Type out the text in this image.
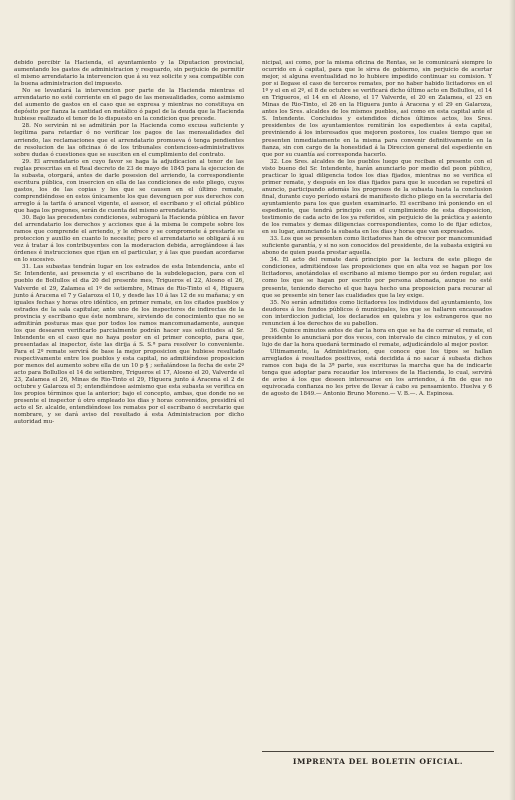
debido percibir la Hacienda, el ayuntamiento y la Diputacion provincial, aumentando los gastos de administracion y resguardo, sin perjuicio de permitir el mismo arrendatario la intervencion que á su vez solicite y sea compatible con la buena administracion del impuesto.

No se levantará la intervencion por parte de la Hacienda mientras el arrendatario no esté corriente en el pago de las mensualidades, como asimismo del aumento de gastos en el caso que se expresa y mientras no constituya en depósito por fianza la cantidad en metálico ó papel de la deuda que la Hacienda hubiese realizado el tenor de lo dispuesto en la condicion que precede.

28. No servirán ni se admitirán por la Hacienda como excusa suficiente y legítima para retardar ó no verificar los pagos de las mensualidades del arriendo, las reclamaciones que el arrendatario promueva ó tenga pendientes de resolucion de las oficinas ó de los tribunales contencioso-administrativos sobre dudas ó cuestiones que se susciten en el cumplimiento del contrato.

29. El arrendatario en cuyo favor se haga la adjudicacion al tenor de las reglas prescritas en el Real decreto de 23 de mayo de 1845 para la ejecucion de la subasta, otorgará, antes de darle posesion del arriendo, la correspondiente escritura pública, con insercion en ella de las condiciones de este pliego, cuyos gastos, los de las copias y los que se causen en el último remate, comprendiéndose en estos únicamente los que devenguen por sus derechos con arreglo á la tarifa ó arancel vigente, el asesor, el escribano y el oficial público que haga los pregones, serán de cuenta del mismo arrendatario.

30. Bajo las precedentes condiciones, subrogará la Hacienda pública en favor del arrendatario los derechos y acciones que á la misma le compete sobre los ramos que comprende el arriendo, y le ofrece y se compromete á prestarle su proteccion y auxilio en cuanto lo necesite; pero el arrendatario se obligará á su vez á tratar á los contribuyentes con la moderacion debida, arreglándose á las órdenes é instrucciones que rijan en el particular, y á las que puedan acordarse en lo sucesivo.

31. Las subastas tendrán lugar en los estrados de esta Intendencia, ante el Sr. Intendente, asi presencia y el escribano de la subdelegacion, para con el pueblo de Bollullos el dia 20 del presente mes, Trigueros el 22, Alosno el 26, Valverde el 29, Zalamea el 1º de setiembre, Minas de Rio-Tinto el 4, Higuera junto á Aracena el 7 y Galaroza el 10, y desde las 10 á las 12 de su mañana; y en iguales fechas y horas otro idéntico, en primer remate, en los citados pueblos y estrados de la sala capitular, ante uno de los inspectores de indirectas de la provincia y escribano que éste nombrare, sirviendo de conocimiento que no se admitirán posturas mas que por todos los ramos mancomunadamente, aunque los que desearen verificarlo parcialmente podrán hacer sus solicitudes al Sr. Intendente en el caso que no haya postor en el primer concepto, para que, presentadas al inspector, éste las dirija á S. S.ª para resolver lo conveniente. Para el 2º remate servirá de base la mejor proposicion que hubiese resultado respectivamente entre los pueblos y esta capital, no admitiéndose proposicion por menos del aumento sobre ella de un 10 p § ; señalándose la fecha de este 2º acto para Bollullos el 14 de setiembre, Trigueros el 17, Alosno el 20, Valverde el 23, Zalamea el 26, Minas de Rio-Tinto el 29, Higuera junto á Aracena el 2 de octubre y Galaroza el 5; entendiéndose asimismo que esta subasta se verifica en los propios términos que la anterior; bajo el concepto, ambas, que donde no se presente el inspector ú otro empleado los dias y horas convenidos, presidirá el acto el Sr. alcalde, entendiéndose los remates por el escribano ó secretario que nombrare, y se dará aviso del resultado á esta Administracion por dicho autoridad mu-

nicipal, asi como, por la misma oficina de Rentas, se le comunicará siempre lo ocurrido en á capital, para que le sirva de gobierno, sin perjuicio de acertar mejor, si alguna eventualidad no lo hubiere impedido continuar su comision. Y por si llegase el caso de terceros remates, por no haber habido licitadores en el 1º y el en el 2º, el 8 de octubre se verificará dicho último acto en Bollullos, el 14 en Trigueros, el 14 en el Alosno, el 17 Valverde, el 20 en Zalamea, el 23 en Minas de Rio-Tinto, el 26 en la Higuera junto á Aracena y el 29 en Galaroza, antes los Sres. alcaldes de los mismos pueblos, asi como en esta capital ante el S. Intendente. Concluidos y estendidos dichos últimos actos, los Sres. presidentes de los ayuntamientos remitirán los espedientes á esta capital, previniendo á los interesados que mejoren postores, los cuales tiempo que se presenten inmediatamente en la misma para convenir definitivamente en la fianza, sin con cargo de la honestidad á la Direccion general del espediente en que por su cuantía así corresponda hacerlo.

32. Los Sres. alcaldes de los pueblos luego que reciban el presente con el visto bueno del Sr. Intendente, harán anunciarlo por medio del peon público, practicar lo igual diligencia todos los dias fijados, mientras no se verifica el primer remate, y después en los dias fijados para que le sucedan se repetirá el anuncio, participando además los progresos de la subasta hasta la conclusion final, durante cuyo período estará de manifiesto dicho pliego en la secretaría del ayuntamiento para los que gusten examinarlo. El escribano irá poniendo en el espediente, que tendrá principio con el cumplimiento de esta disposicion, testimonio de cada acto de los ya referidos, sin perjuicio de la práctica y asiento de los remates y demas diligencias correspondientes, como lo de fijar edictos, en su lugar, anunciando la subasta en los dias y horas que van expresados.

33. Los que se presenten como licitadores han de ofrecer por mancomunidad suficiente garantía, y si no son conocidos del presidente, de la subasta exigirá su abono de quien pueda prestar aquella.

34. El acto del remate dará principio por la lectura de este pliego de condiciones, admitiéndose las proposiciones que en alta voz se hagan por los licitadores, anotándolas el escribano al mismo tiempo por su órden regular, asi como los que se hagan por escrito por persona abonada, aunque no esté presente, teniendo derecho el que haya hecho una proposicion para recurar al que se presente sin tener las cualidades que la ley exige.

35. No serán admitidos como licitadores los individuos del ayuntamiento, los deudores á los fondos públicos ó municipales, los que se hallaren encausados con interdiccion judicial, los declarados en quiebra y los estrangeros que no renuncien á los derechos de su pabellon.

36. Quince minutos antes de dar la hora en que se ha de cerrar el remate, el presidente lo anunciará por dos veces, con intervalo de cinco minutos, y el con lujo de dar la hora quedará terminado el remate, adjudicándolo al mejor postor.

Ultimamente, la Administracion, que conoce que los tipos se hallan arreglados á resultados positivos, está decidida á no sacar á subasta dichos ramos con baja de la 3ª parte, sus escrituras la marcha que ha de indicarte tenga que adoptar para recaudar los intereses de la Hacienda, lo cual, servirá de aviso á los que deseen interesarse en los arriendos, á fin de que no equivocada confianza no les prive de llevar á cabo su pensamiento. Huelva y 6 de agosto de 1849.— Antonio Bruno Moreno.— V. B.—. A. Espinosa.

IMPRENTA DEL BOLETIN OFICIAL.
